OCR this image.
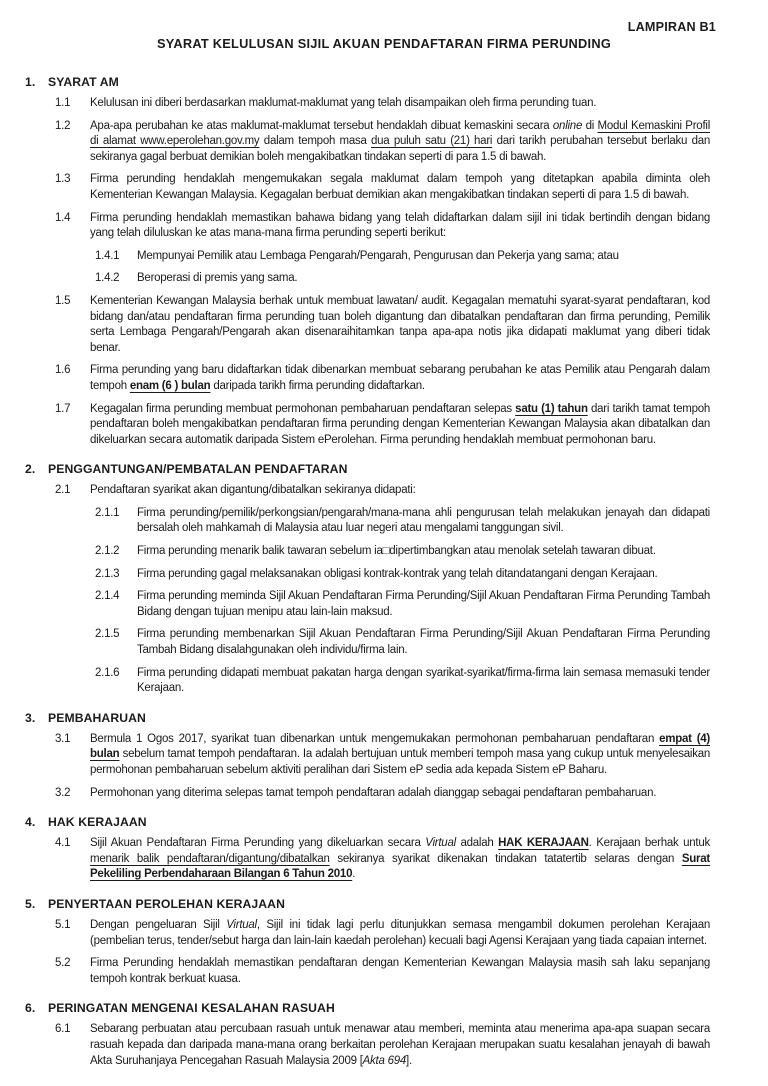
LAMPIRAN B1
SYARAT KELULUSAN SIJIL AKUAN PENDAFTARAN FIRMA PERUNDING
1.	SYARAT AM
1.1	Kelulusan ini diberi berdasarkan maklumat-maklumat yang telah disampaikan oleh firma perunding tuan.
1.2	Apa-apa perubahan ke atas maklumat-maklumat tersebut hendaklah dibuat kemaskini secara online di Modul Kemaskini Profil di alamat www.eperolehan.gov.my dalam tempoh masa dua puluh satu (21) hari dari tarikh perubahan tersebut berlaku dan sekiranya gagal berbuat demikian boleh mengakibatkan tindakan seperti di para 1.5 di bawah.
1.3	Firma perunding hendaklah mengemukakan segala maklumat dalam tempoh yang ditetapkan apabila diminta oleh Kementerian Kewangan Malaysia. Kegagalan berbuat demikian akan mengakibatkan tindakan seperti di para 1.5 di bawah.
1.4	Firma perunding hendaklah memastikan bahawa bidang yang telah didaftarkan dalam sijil ini tidak bertindih dengan bidang yang telah diluluskan ke atas mana-mana firma perunding seperti berikut:
1.4.1	Mempunyai Pemilik atau Lembaga Pengarah/Pengarah, Pengurusan dan Pekerja yang sama; atau
1.4.2	Beroperasi di premis yang sama.
1.5	Kementerian Kewangan Malaysia berhak untuk membuat lawatan/ audit. Kegagalan mematuhi syarat-syarat pendaftaran, kod bidang dan/atau pendaftaran firma perunding tuan boleh digantung dan dibatalkan pendaftaran dan firma perunding, Pemilik serta Lembaga Pengarah/Pengarah akan disenaraihitamkan tanpa apa-apa notis jika didapati maklumat yang diberi tidak benar.
1.6	Firma perunding yang baru didaftarkan tidak dibenarkan membuat sebarang perubahan ke atas Pemilik atau Pengarah dalam tempoh enam (6 ) bulan daripada tarikh firma perunding didaftarkan.
1.7	Kegagalan firma perunding membuat permohonan pembaharuan pendaftaran selepas satu (1) tahun dari tarikh tamat tempoh pendaftaran boleh mengakibatkan pendaftaran firma perunding dengan Kementerian Kewangan Malaysia akan dibatalkan dan dikeluarkan secara automatik daripada Sistem ePerolehan. Firma perunding hendaklah membuat permohonan baru.
2.	PENGGANTUNGAN/PEMBATALAN PENDAFTARAN
2.1	Pendaftaran syarikat akan digantung/dibatalkan sekiranya didapati:
2.1.1	Firma perunding/pemilik/perkongsian/pengarah/mana-mana ahli pengurusan telah melakukan jenayah dan didapati bersalah oleh mahkamah di Malaysia atau luar negeri atau mengalami tanggungan sivil.
2.1.2	Firma perunding menarik balik tawaran sebelum ia□dipertimbangkan atau menolak setelah tawaran dibuat.
2.1.3	Firma perunding gagal melaksanakan obligasi kontrak-kontrak yang telah ditandatangani dengan Kerajaan.
2.1.4	Firma perunding meminda Sijil Akuan Pendaftaran Firma Perunding/Sijil Akuan Pendaftaran Firma Perunding Tambah Bidang dengan tujuan menipu atau lain-lain maksud.
2.1.5	Firma perunding membenarkan Sijil Akuan Pendaftaran Firma Perunding/Sijil Akuan Pendaftaran Firma Perunding Tambah Bidang disalahgunakan oleh individu/firma lain.
2.1.6	Firma perunding didapati membuat pakatan harga dengan syarikat-syarikat/firma-firma lain semasa memasuki tender Kerajaan.
3.	PEMBAHARUAN
3.1	Bermula 1 Ogos 2017, syarikat tuan dibenarkan untuk mengemukakan permohonan pembaharuan pendaftaran empat (4) bulan sebelum tamat tempoh pendaftaran. Ia adalah bertujuan untuk memberi tempoh masa yang cukup untuk menyelesaikan permohonan pembaharuan sebelum aktiviti peralihan dari Sistem eP sedia ada kepada Sistem eP Baharu.
3.2	Permohonan yang diterima selepas tamat tempoh pendaftaran adalah dianggap sebagai pendaftaran pembaharuan.
4.	HAK KERAJAAN
4.1	Sijil Akuan Pendaftaran Firma Perunding yang dikeluarkan secara Virtual adalah HAK KERAJAAN. Kerajaan berhak untuk menarik balik pendaftaran/digantung/dibatalkan sekiranya syarikat dikenakan tindakan tatatertib selaras dengan Surat Pekeliling Perbendaharaan Bilangan 6 Tahun 2010.
5.	PENYERTAAN PEROLEHAN KERAJAAN
5.1	Dengan pengeluaran Sijil Virtual, Sijil ini tidak lagi perlu ditunjukkan semasa mengambil dokumen perolehan Kerajaan (pembelian terus, tender/sebut harga dan lain-lain kaedah perolehan) kecuali bagi Agensi Kerajaan yang tiada capaian internet.
5.2	Firma Perunding hendaklah memastikan pendaftaran dengan Kementerian Kewangan Malaysia masih sah laku sepanjang tempoh kontrak berkuat kuasa.
6.	PERINGATAN MENGENAI KESALAHAN RASUAH
6.1	Sebarang perbuatan atau percubaan rasuah untuk menawar atau memberi, meminta atau menerima apa-apa suapan secara rasuah kepada dan daripada mana-mana orang berkaitan perolehan Kerajaan merupakan suatu kesalahan jenayah di bawah Akta Suruhanjaya Pencegahan Rasuah Malaysia 2009 [Akta 694].
